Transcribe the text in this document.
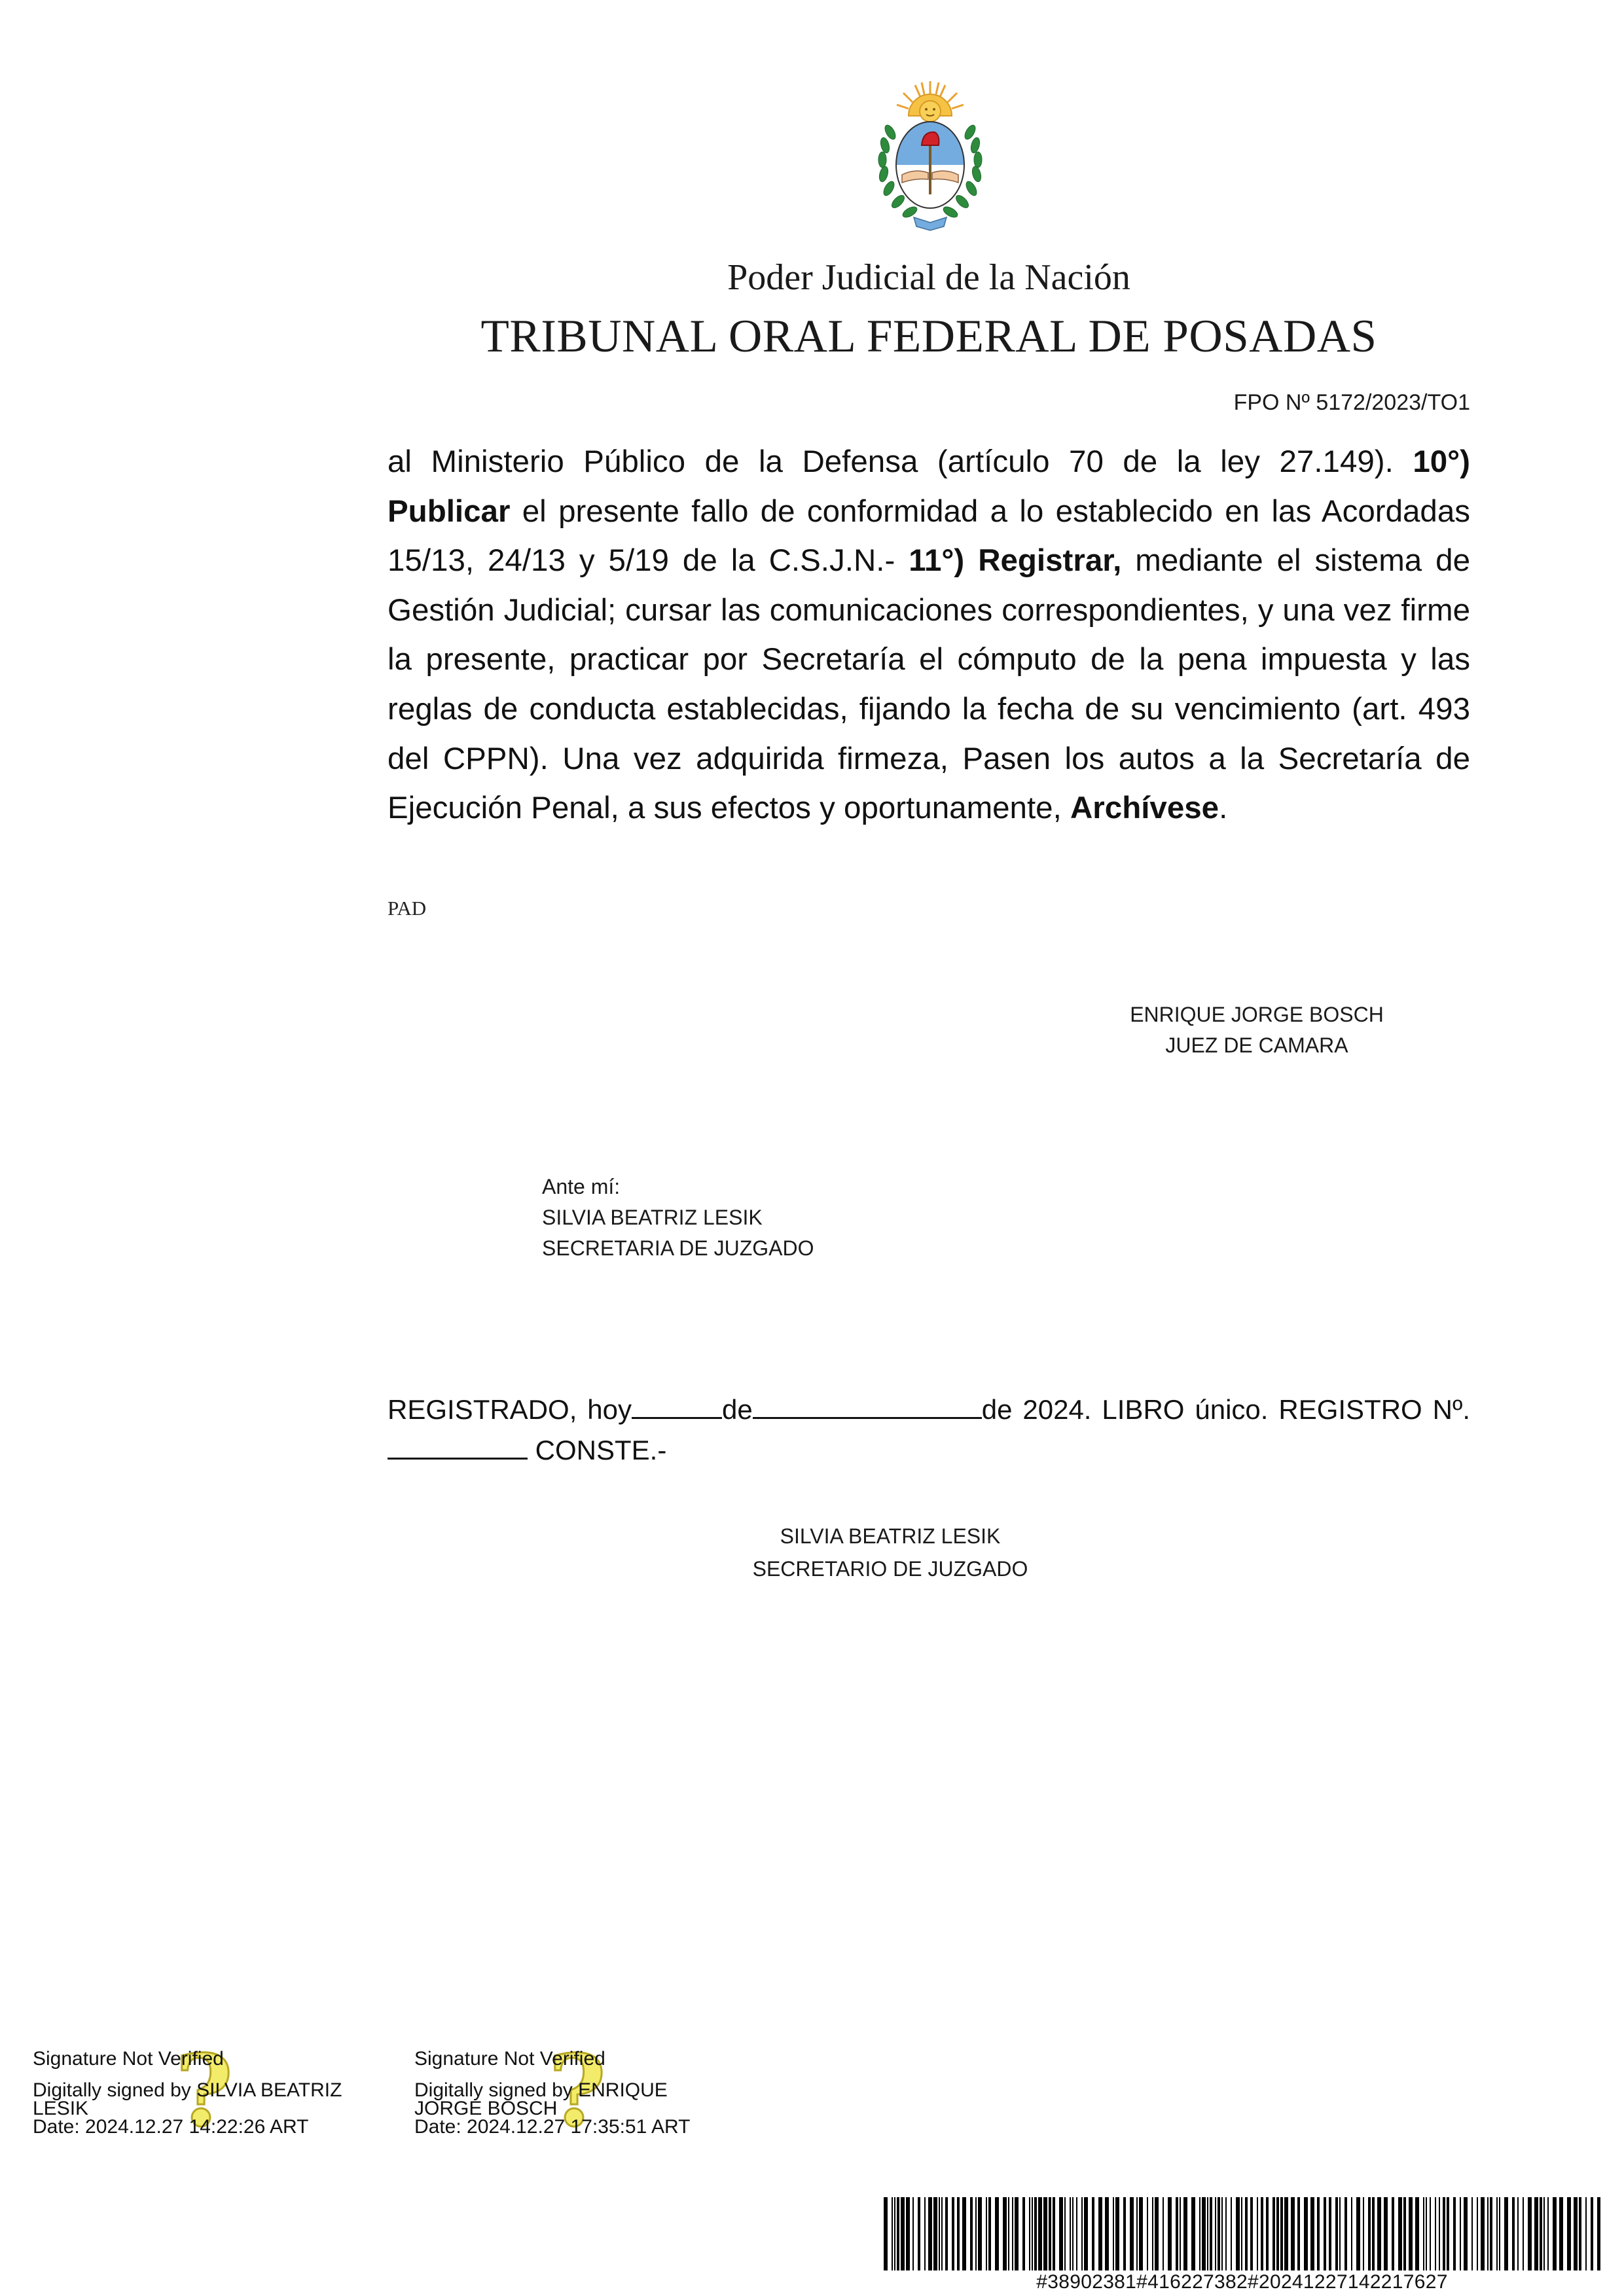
Poder Judicial de la Nación
TRIBUNAL ORAL FEDERAL DE POSADAS
FPO Nº 5172/2023/TO1
al Ministerio Público de la Defensa (artículo 70 de la ley 27.149). 10°) Publicar el presente fallo de conformidad a lo establecido en las Acordadas 15/13, 24/13 y 5/19 de la C.S.J.N.- 11°) Registrar, mediante el sistema de Gestión Judicial; cursar las comunicaciones correspondientes, y una vez firme la presente, practicar por Secretaría el cómputo de la pena impuesta y las reglas de conducta establecidas, fijando la fecha de su vencimiento (art. 493 del CPPN). Una vez adquirida firmeza, Pasen los autos a la Secretaría de Ejecución Penal, a sus efectos y oportunamente, Archívese.
PAD
ENRIQUE JORGE BOSCH
JUEZ DE CAMARA
Ante mí:
SILVIA BEATRIZ LESIK
SECRETARIA DE JUZGADO
REGISTRADO, hoy	de	de 2024. LIBRO único. REGISTRO Nº. CONSTE.-
SILVIA BEATRIZ LESIK
SECRETARIO DE JUZGADO
?
Signature Not Verified
Digitally signed by SILVIA BEATRIZ
LESIK
Date: 2024.12.27 14:22:26 ART	?
Signature Not Verified
Digitally signed by ENRIQUE
JORGE BOSCH
Date: 2024.12.27 17:35:51 ART
#38902381#416227382#20241227142217627
